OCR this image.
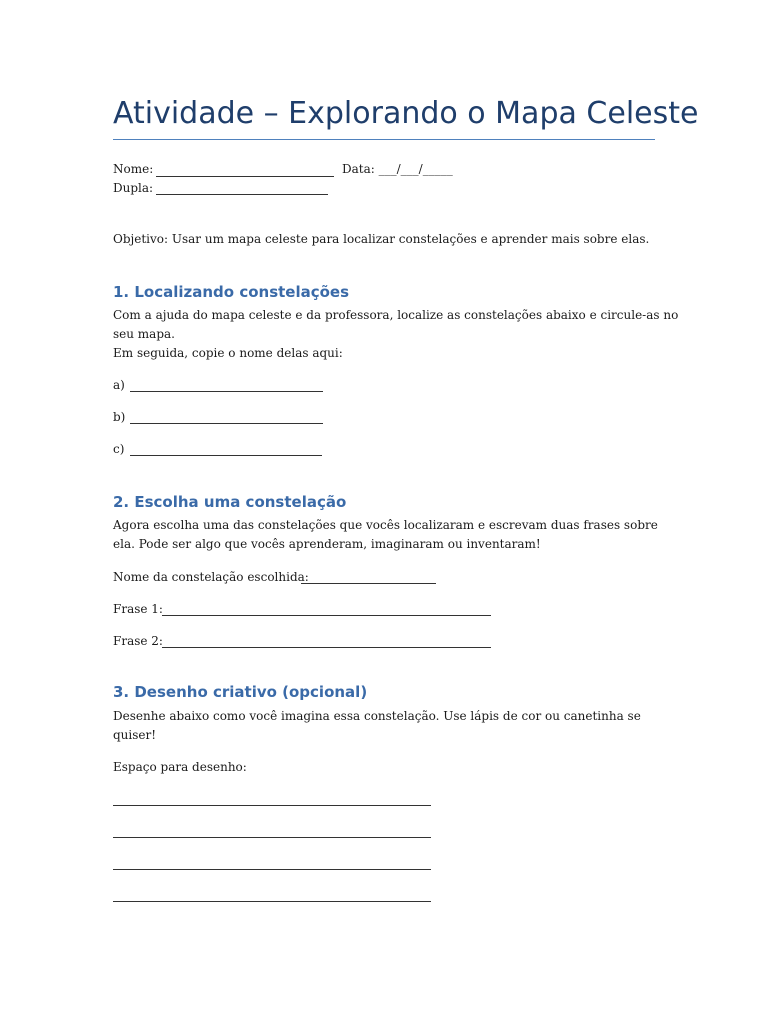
Atividade – Explorando o Mapa Celeste
Nome:	Data: ___/___/_____
Dupla:
Objetivo: Usar um mapa celeste para localizar constelações e aprender mais sobre elas.
1. Localizando constelações
Com a ajuda do mapa celeste e da professora, localize as constelações abaixo e circule-as no
seu mapa.
Em seguida, copie o nome delas aqui:
a)
b)
c)
2. Escolha uma constelação
Agora escolha uma das constelações que vocês localizaram e escrevam duas frases sobre
ela. Pode ser algo que vocês aprenderam, imaginaram ou inventaram!
Nome da constelação escolhida:
Frase 1:
Frase 2:
3. Desenho criativo (opcional)
Desenhe abaixo como você imagina essa constelação. Use lápis de cor ou canetinha se
quiser!
Espaço para desenho:
